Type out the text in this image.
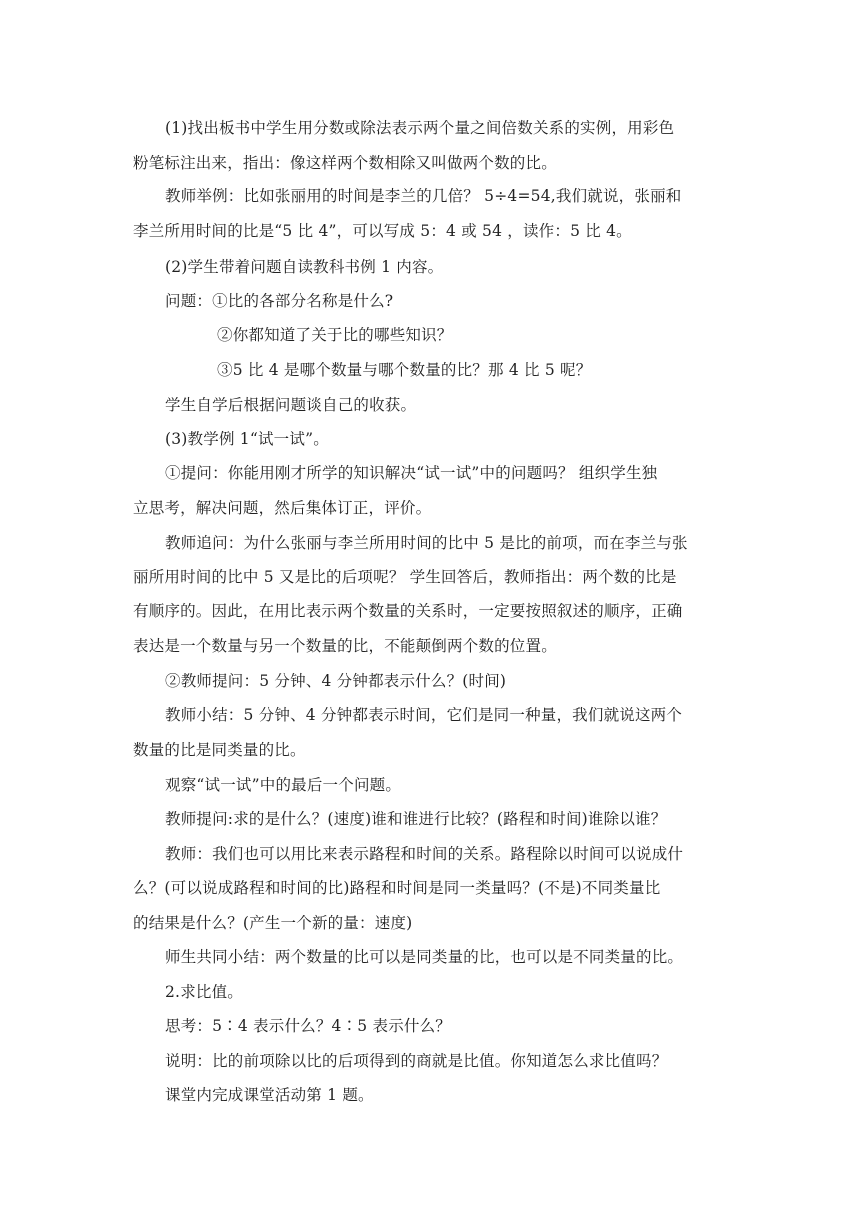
(1)找出板书中学生用分数或除法表示两个量之间倍数关系的实例，用彩色
粉笔标注出来，指出：像这样两个数相除又叫做两个数的比。
教师举例：比如张丽用的时间是李兰的几倍？ 5÷4=54,我们就说，张丽和
李兰所用时间的比是“5 比 4”，可以写成 5：4 或 54 ，读作：5 比 4。
(2)学生带着问题自读教科书例 1 内容。
问题：①比的各部分名称是什么?
②你都知道了关于比的哪些知识？
③5 比 4 是哪个数量与哪个数量的比？那 4 比 5 呢？
学生自学后根据问题谈自己的收获。
(3)教学例 1“试一试”。
①提问：你能用刚才所学的知识解决“试一试”中的问题吗？ 组织学生独
立思考，解决问题，然后集体订正，评价。
教师追问：为什么张丽与李兰所用时间的比中 5 是比的前项，而在李兰与张
丽所用时间的比中 5 又是比的后项呢？ 学生回答后，教师指出：两个数的比是
有顺序的。因此，在用比表示两个数量的关系时，一定要按照叙述的顺序，正确
表达是一个数量与另一个数量的比，不能颠倒两个数的位置。
②教师提问：5 分钟、4 分钟都表示什么？(时间)
教师小结：5 分钟、4 分钟都表示时间，它们是同一种量，我们就说这两个
数量的比是同类量的比。
观察“试一试”中的最后一个问题。
教师提问:求的是什么？(速度)谁和谁进行比较？(路程和时间)谁除以谁？
教师：我们也可以用比来表示路程和时间的关系。路程除以时间可以说成什
么？(可以说成路程和时间的比)路程和时间是同一类量吗？(不是)不同类量比
的结果是什么？(产生一个新的量：速度)
师生共同小结：两个数量的比可以是同类量的比，也可以是不同类量的比。
2.求比值。
思考：5∶4 表示什么？4∶5 表示什么？
说明：比的前项除以比的后项得到的商就是比值。你知道怎么求比值吗？
课堂内完成课堂活动第 1 题。
